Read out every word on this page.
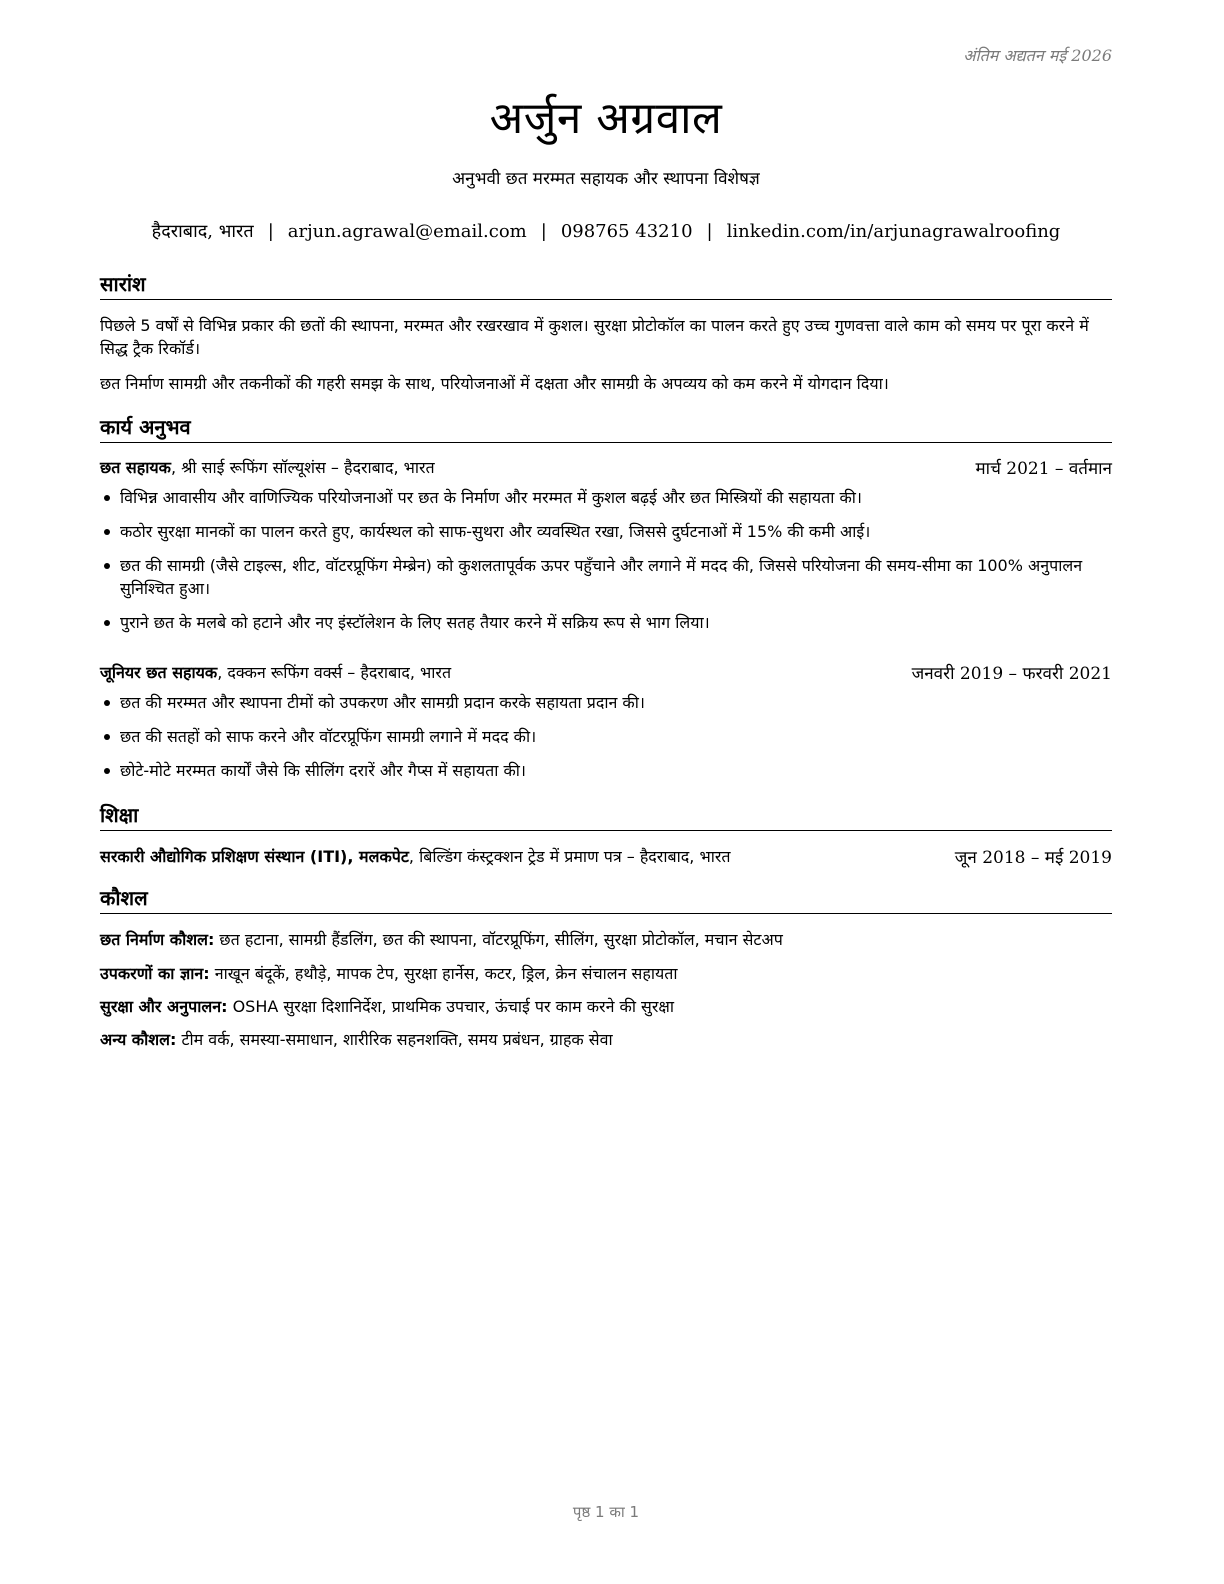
अंतिम अद्यतन मई 2026
अर्जुन अग्रवाल
अनुभवी छत मरम्मत सहायक और स्थापना विशेषज्ञ
हैदराबाद, भारत | arjun.agrawal@email.com | 098765 43210 | linkedin.com/in/arjunagrawalroofing
सारांश
पिछले 5 वर्षों से विभिन्न प्रकार की छतों की स्थापना, मरम्मत और रखरखाव में कुशल। सुरक्षा प्रोटोकॉल का पालन करते हुए उच्च गुणवत्ता वाले काम को समय पर पूरा करने में सिद्ध ट्रैक रिकॉर्ड।
छत निर्माण सामग्री और तकनीकों की गहरी समझ के साथ, परियोजनाओं में दक्षता और सामग्री के अपव्यय को कम करने में योगदान दिया।
कार्य अनुभव
छत सहायक, श्री साई रूफिंग सॉल्यूशंस – हैदराबाद, भारत	मार्च 2021 – वर्तमान
विभिन्न आवासीय और वाणिज्यिक परियोजनाओं पर छत के निर्माण और मरम्मत में कुशल बढ़ई और छत मिस्त्रियों की सहायता की।
कठोर सुरक्षा मानकों का पालन करते हुए, कार्यस्थल को साफ-सुथरा और व्यवस्थित रखा, जिससे दुर्घटनाओं में 15% की कमी आई।
छत की सामग्री (जैसे टाइल्स, शीट, वॉटरप्रूफिंग मेम्ब्रेन) को कुशलतापूर्वक ऊपर पहुँचाने और लगाने में मदद की, जिससे परियोजना की समय-सीमा का 100% अनुपालन सुनिश्चित हुआ।
पुराने छत के मलबे को हटाने और नए इंस्टॉलेशन के लिए सतह तैयार करने में सक्रिय रूप से भाग लिया।
जूनियर छत सहायक, दक्कन रूफिंग वर्क्स – हैदराबाद, भारत	जनवरी 2019 – फरवरी 2021
छत की मरम्मत और स्थापना टीमों को उपकरण और सामग्री प्रदान करके सहायता प्रदान की।
छत की सतहों को साफ करने और वॉटरप्रूफिंग सामग्री लगाने में मदद की।
छोटे-मोटे मरम्मत कार्यों जैसे कि सीलिंग दरारें और गैप्स में सहायता की।
शिक्षा
सरकारी औद्योगिक प्रशिक्षण संस्थान (ITI), मलकपेट, बिल्डिंग कंस्ट्रक्शन ट्रेड में प्रमाण पत्र – हैदराबाद, भारत	जून 2018 – मई 2019
कौशल
छत निर्माण कौशल: छत हटाना, सामग्री हैंडलिंग, छत की स्थापना, वॉटरप्रूफिंग, सीलिंग, सुरक्षा प्रोटोकॉल, मचान सेटअप
उपकरणों का ज्ञान: नाखून बंदूकें, हथौड़े, मापक टेप, सुरक्षा हार्नेस, कटर, ड्रिल, क्रेन संचालन सहायता
सुरक्षा और अनुपालन: OSHA सुरक्षा दिशानिर्देश, प्राथमिक उपचार, ऊंचाई पर काम करने की सुरक्षा
अन्य कौशल: टीम वर्क, समस्या-समाधान, शारीरिक सहनशक्ति, समय प्रबंधन, ग्राहक सेवा
पृष्ठ 1 का 1
